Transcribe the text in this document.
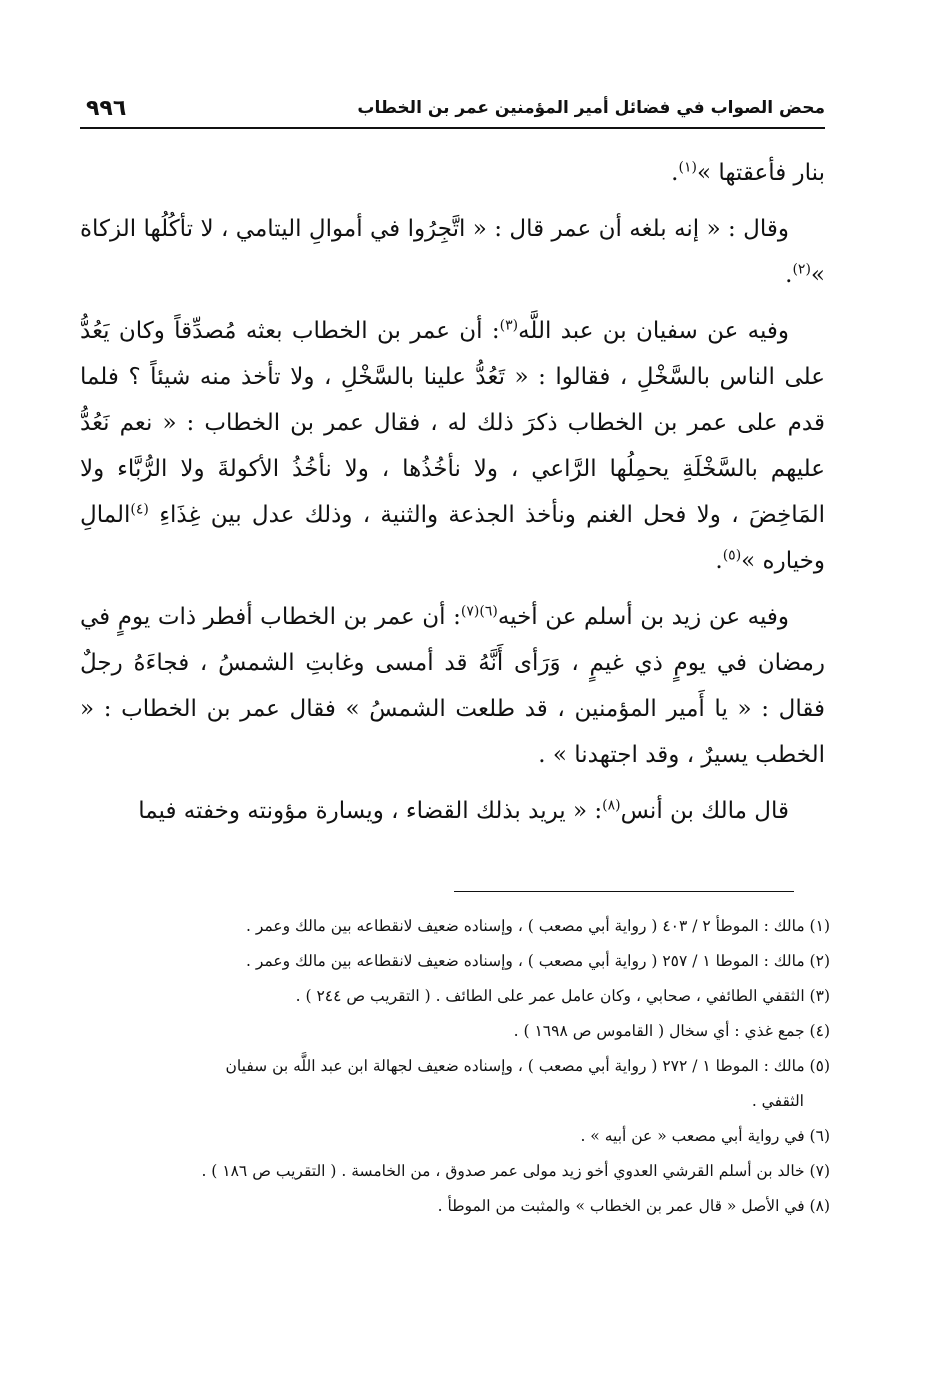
محض الصواب في فضائل أمير المؤمنين عمر بن الخطاب
٩٩٦

بنار فأعقتها »$^{(١)}$.

وقال : « إنه بلغه أن عمر قال : « اتَّجِرُوا في أموالِ اليتامي ، لا تأكُلُها الزكاة »$^{(٢)}$.

وفيه عن سفيان بن عبد اللَّه$^{(٣)}$: أن عمر بن الخطاب بعثه مُصدِّقاً وكان يَعُدُّ على الناس بالسَّخْلِ ، فقالوا : « تَعُدُّ علينا بالسَّخْلِ ، ولا تأخذ منه شيئاً ؟ فلما قدم على عمر بن الخطاب ذكرَ ذلك له ، فقال عمر بن الخطاب : « نعم نَعُدُّ عليهم بالسَّخْلَةِ يحمِلُها الرَّاعي ، ولا نأخُذُها ، ولا نأخُذُ الأكولةَ ولا الرُّبَّاء ولا المَاخِضَ ، ولا فحل الغنم ونأخذ الجذعة والثنية ، وذلك عدل بين غِذَاءِ $^{(٤)}$المالِ وخياره »$^{(٥)}$.

وفيه عن زيد بن أسلم عن أخيه$^{(٦)(٧)}$: أن عمر بن الخطاب أفطر ذات يومٍ في رمضان في يومٍ ذي غيمٍ ، وَرَأى أَنَّهُ قد أمسى وغابتِ الشمسُ ، فجاءَهُ رجلٌ فقال : « يا أَمير المؤمنين ، قد طلعت الشمسُ » فقال عمر بن الخطاب : « الخطب يسيرٌ ، وقد اجتهدنا » .

قال مالك بن أنس$^{(٨)}$: « يريد بذلك القضاء ، ويسارة مؤونته وخفته فيما

(١) مالك : الموطأ ٢ / ٤٠٣ ( رواية أبي مصعب ) ، وإسناده ضعيف لانقطاعه بين مالك وعمر .

(٢) مالك : الموطا ١ / ٢٥٧ ( رواية أبي مصعب ) ، وإسناده ضعيف لانقطاعه بين مالك وعمر .

(٣) الثقفي الطائفي ، صحابي ، وكان عامل عمر على الطائف . ( التقريب ص ٢٤٤ ) .

(٤) جمع غذي : أي سخال ( القاموس ص ١٦٩٨ ) .

(٥) مالك : الموطا ١ / ٢٧٢ ( رواية أبي مصعب ) ، وإسناده ضعيف لجهالة ابن عبد اللَّه بن سفيان

الثقفي .

(٦) في رواية أبي مصعب « عن أبيه » .

(٧) خالد بن أسلم القرشي العدوي أخو زيد مولى عمر صدوق ، من الخامسة . ( التقريب ص ١٨٦ ) .

(٨) في الأصل « قال عمر بن الخطاب » والمثبت من الموطأ .
